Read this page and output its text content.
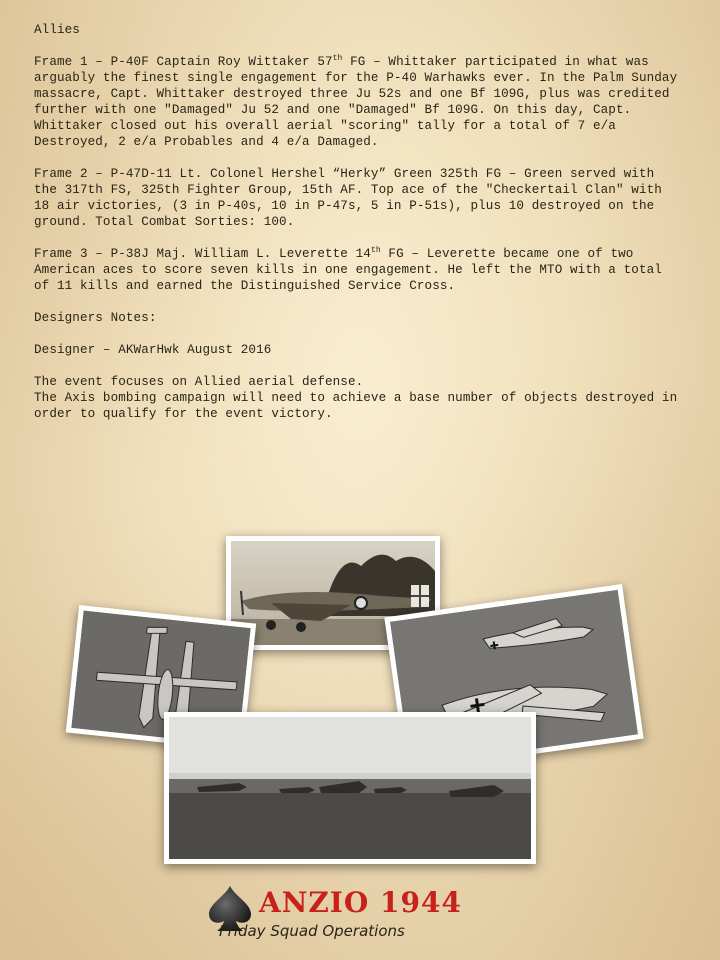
Allies

Frame 1 – P-40F Captain Roy Wittaker 57th FG – Whittaker participated in what was arguably the finest single engagement for the P-40 Warhawks ever. In the Palm Sunday massacre, Capt. Whittaker destroyed three Ju 52s and one Bf 109G, plus was credited further with one "Damaged" Ju 52 and one "Damaged" Bf 109G. On this day, Capt. Whittaker closed out his overall aerial "scoring" tally for a total of 7 e/a Destroyed, 2 e/a Probables and 4 e/a Damaged.

Frame 2 – P-47D-11 Lt. Colonel Hershel “Herky” Green 325th FG – Green served with the 317th FS, 325th Fighter Group, 15th AF. Top ace of the "Checkertail Clan" with 18 air victories, (3 in P-40s, 10 in P-47s, 5 in P-51s), plus 10 destroyed on the ground. Total Combat Sorties: 100.

Frame 3 – P-38J Maj. William L. Leverette 14th FG – Leverette became one of two American aces to score seven kills in one engagement. He left the MTO with a total of 11 kills and earned the Distinguished Service Cross.

Designers Notes:

Designer – AKWarHwk August 2016

The event focuses on Allied aerial defense.

The Axis bombing campaign will need to achieve a base number of objects destroyed in order to qualify for the event victory.

ANZIO 1944
Friday Squad Operations
